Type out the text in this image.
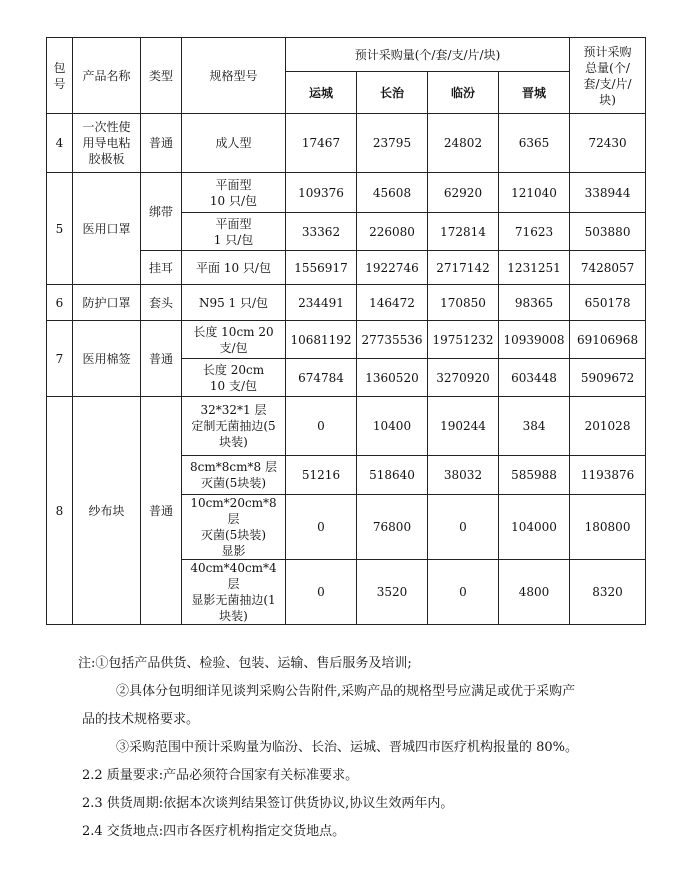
包
号	产品名称	类型	规格型号	预计采购量(个/套/支/片/块)				预计采购
总量(个/
套/支/片/
块)

				运城	长治	临汾	晋城	
4	一次性使
用导电粘
胶极板	普通	成人型	17467	23795	24802	6365	72430
5	医用口罩	绑带	平面型
10 只/包	109376	45608	62920	121040	338944

			平面型
1 只/包	33362	226080	172814	71623	503880
		挂耳	平面 10 只/包	1556917	1922746	2717142	1231251	7428057
6	防护口罩	套头	N95 1 只/包	234491	146472	170850	98365	650178
7	医用棉签	普通	长度 10cm 20
支/包	10681192	27735536	19751232	10939008	69106968

			长度 20cm
10 支/包	674784	1360520	3270920	603448	5909672
8	纱布块	普通	32*32*1 层
定制无菌抽边(5
块装)	0	10400	190244	384	201028

			8cm*8cm*8 层
灭菌(5块装)	51216	518640	38032	585988	1193876

			10cm*20cm*8 层
灭菌(5块装)
显影	0	76800	0	104000	180800

			40cm*40cm*4 层
显影无菌抽边(1
块装)	0	3520	0	4800	8320

注:①包括产品供货、检验、包装、运输、售后服务及培训;

②具体分包明细详见谈判采购公告附件,采购产品的规格型号应满足或优于采购产

品的技术规格要求。

③采购范围中预计采购量为临汾、长治、运城、晋城四市医疗机构报量的 80%。

2.2 质量要求:产品必须符合国家有关标准要求。

2.3 供货周期:依据本次谈判结果签订供货协议,协议生效两年内。

2.4 交货地点:四市各医疗机构指定交货地点。
